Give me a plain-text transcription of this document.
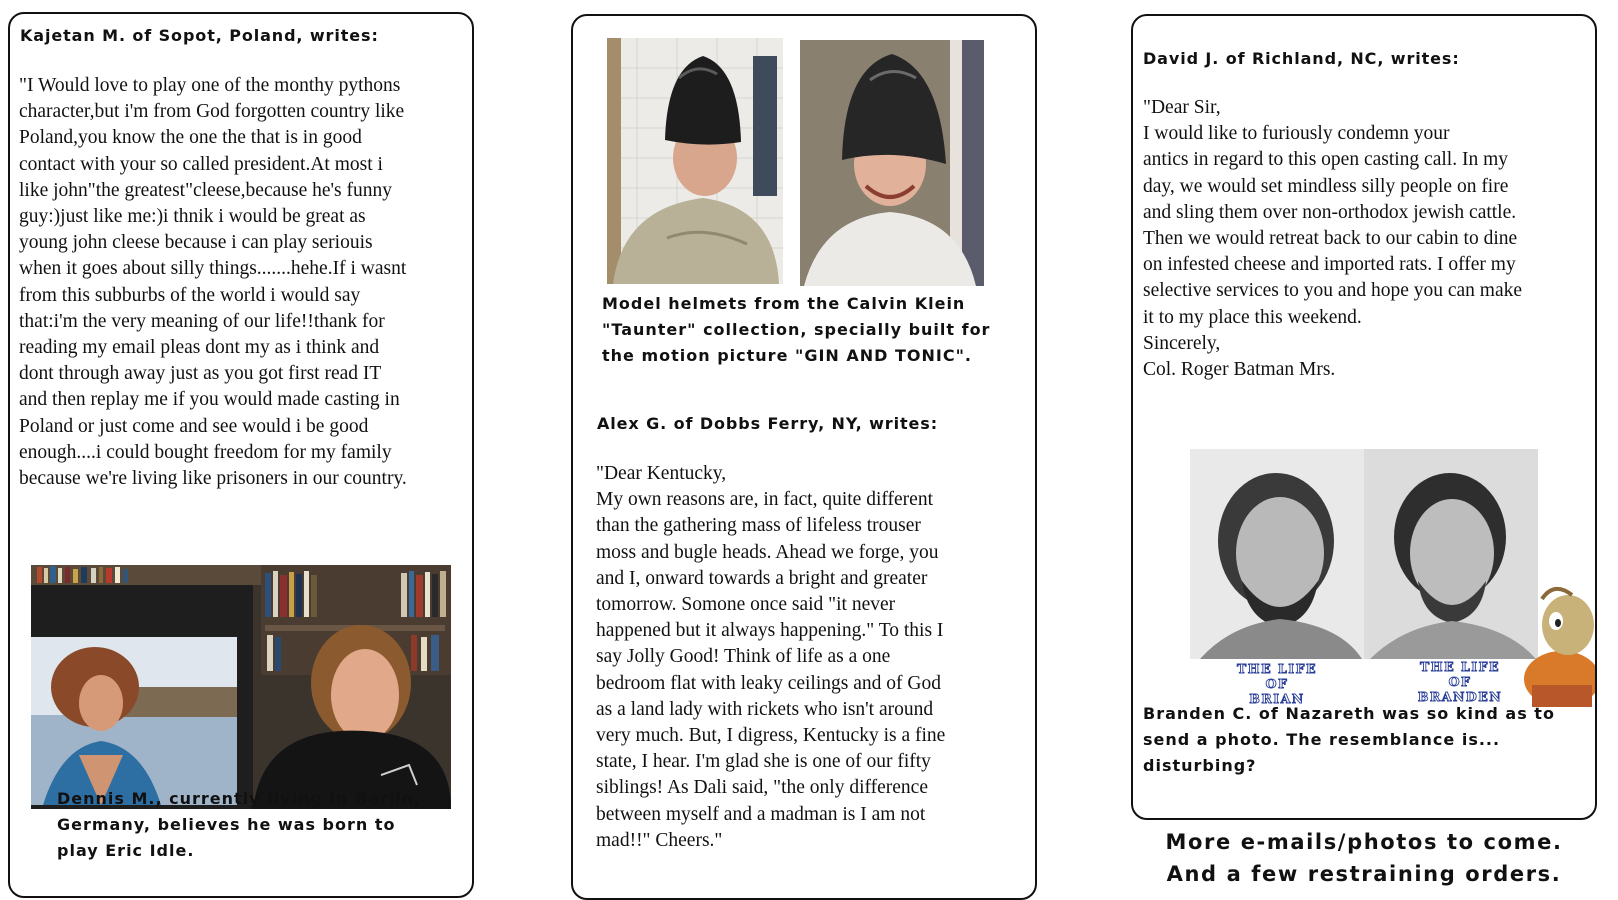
Kajetan M. of Sopot, Poland, writes:

"I Would love to play one of the monthy pythons
character,but i'm from God forgotten country like
Poland,you know the one the that is in good
contact with your so called president.At most i
like john"the greatest"cleese,because he's funny
guy:)just like me:)i thnik i would be great as
young john cleese because i can play seriouis
when it goes about silly things.......hehe.If i wasnt
from this subburbs of the world i would say
that:i'm the very meaning of our life!!thank for
reading my email pleas dont my as i think and
dont through away just as you got first read IT
and then replay me if you would made casting in
Poland or just come and see would i be good
enough....i could bought freedom for my family
because we're living like prisoners in our country.

Dennis M., currently living in Berlin,
Germany, believes he was born to
play Eric Idle.

Model helmets from the Calvin Klein
"Taunter" collection, specially built for
the motion picture "GIN AND TONIC".

Alex G. of Dobbs Ferry, NY, writes:

"Dear Kentucky,
My own reasons are, in fact, quite different
than the gathering mass of lifeless trouser
moss and bugle heads. Ahead we forge, you
and I, onward towards a bright and greater
tomorrow. Somone once said "it never
happened but it always happening." To this I
say Jolly Good! Think of life as a one
bedroom flat with leaky ceilings and of God
as a land lady with rickets who isn't around
very much. But, I digress, Kentucky is a fine
state, I hear. I'm glad she is one of our fifty
siblings! As Dali said, "the only difference
between myself and a madman is I am not
mad!!" Cheers."

David J. of Richland, NC, writes:

"Dear Sir,
I would like to furiously condemn your
antics in regard to this open casting call. In my
day, we would set mindless silly people on fire
and sling them over non-orthodox jewish cattle.
Then we would retreat back to our cabin to dine
on infested cheese and imported rats. I offer my
selective services to you and hope you can make
it to my place this weekend.
Sincerely,
Col. Roger Batman Mrs.

THE LIFE
OF
BRIAN
THE LIFE
OF
BRANDEN

Branden C. of Nazareth was so kind as to
send a photo. The resemblance is...
disturbing?

More e-mails/photos to come.
And a few restraining orders.
